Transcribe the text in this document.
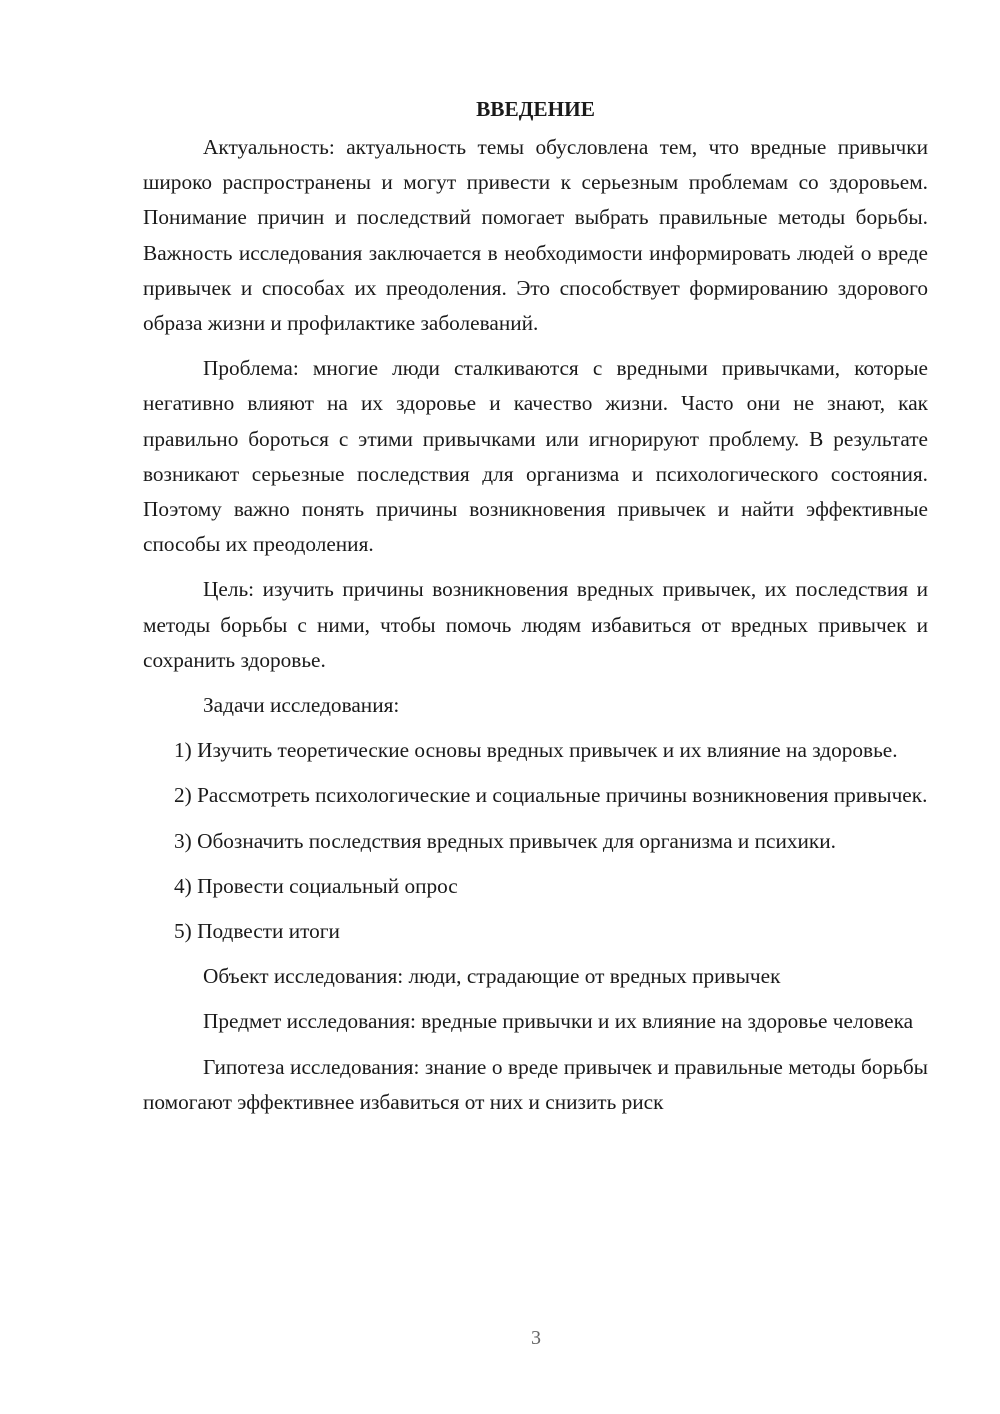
ВВЕДЕНИЕ

Актуальность: актуальность темы обусловлена тем, что вредные привычки широко распространены и могут привести к серьезным проблемам со здоровьем. Понимание причин и последствий помогает выбрать правильные методы борьбы. Важность исследования заключается в необходимости информировать людей о вреде привычек и способах их преодоления. Это способствует формированию здорового образа жизни и профилактике заболеваний.

Проблема: многие люди сталкиваются с вредными привычками, которые негативно влияют на их здоровье и качество жизни. Часто они не знают, как правильно бороться с этими привычками или игнорируют проблему. В результате возникают серьезные последствия для организма и психологического состояния. Поэтому важно понять причины возникновения привычек и найти эффективные способы их преодоления.

Цель: изучить причины возникновения вредных привычек, их последствия и методы борьбы с ними, чтобы помочь людям избавиться от вредных привычек и сохранить здоровье.

Задачи исследования:

1) Изучить теоретические основы вредных привычек и их влияние на здоровье.

2) Рассмотреть психологические и социальные причины возникновения привычек.

3) Обозначить последствия вредных привычек для организма и психики.

4) Провести социальный опрос

5) Подвести итоги

Объект исследования: люди, страдающие от вредных привычек

Предмет исследования: вредные привычки и их влияние на здоровье человека

Гипотеза исследования: знание о вреде привычек и правильные методы борьбы помогают эффективнее избавиться от них и снизить риск

3
